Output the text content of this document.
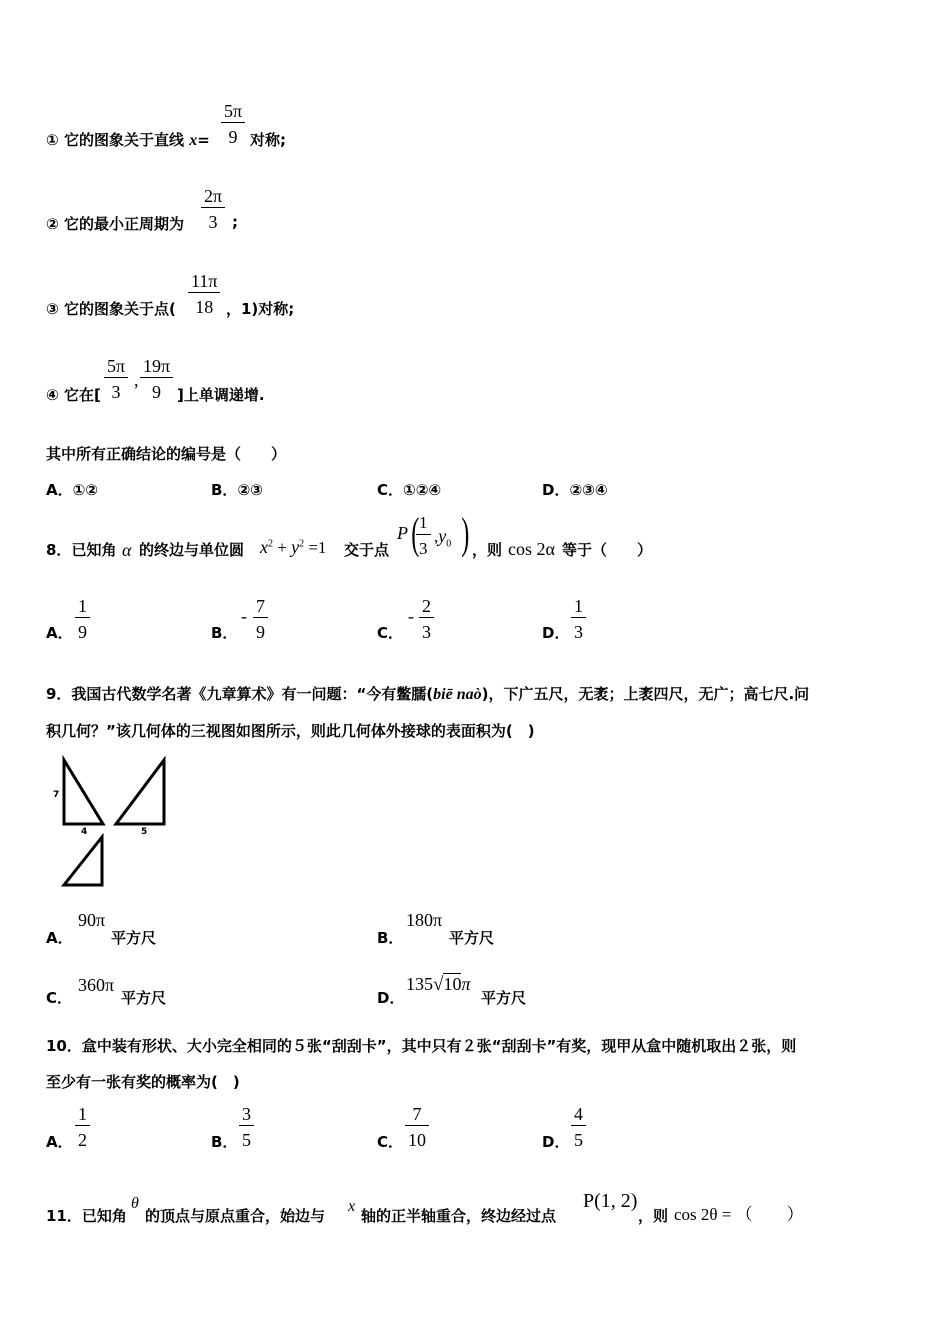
① 它的图象关于直线 x=
5π
9 对称;
② 它的最小正周期为
2π
3 ;
③ 它的图象关于点(
11π
18 ，1)对称;
④ 它在[
5π
3
,
19π
9 ]上单调递增.
其中所有正确结论的编号是（　　）
A．①②	B．②③	C．①②④	D．②③④
8．已知角 α 的终边与单位圆 $x^2 + y^2 =1$ 交于点
P ( 1
3
$,y_0$ ) ，则 cos 2α 等于（　　）
A．
1
9	B．
- 7
9	C．
- 2
3	D．
1
3
9．我国古代数学名著《九章算术》有一问题：“今有鳖臑(biē naò)，下广五尺，无袤；上袤四尺，无广；高七尺.问
积几何？”该几何体的三视图如图所示，则此几何体外接球的表面积为(　)
7
4	5
A．
90π
平方尺	B．
180π
平方尺
C．
360π
平方尺	D．
135√10π
平方尺
10．盒中装有形状、大小完全相同的５张“刮刮卡”，其中只有２张“刮刮卡”有奖，现甲从盒中随机取出２张，则
至少有一张有奖的概率为(　)
A．
1
2	B．
3
5	C．
7
10	D．
4
5
11．已知角
θ
的顶点与原点重合，始边与
x
轴的正半轴重合，终边经过点
P(1, 2)
，则 cos 2θ = （　　）
